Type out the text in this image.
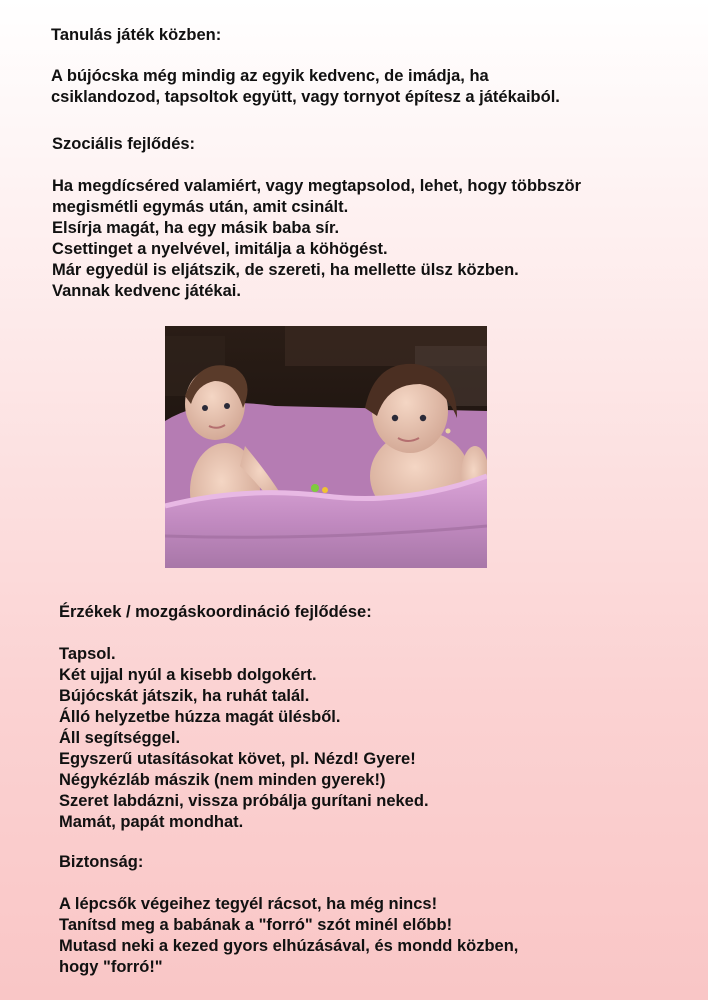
Tanulás játék közben:

A bújócska még mindig az egyik kedvenc, de imádja, ha

csiklandozod, tapsoltok együtt, vagy tornyot építesz a játékaiból.

Szociális fejlődés:

Ha megdícséred valamiért, vagy megtapsolod, lehet, hogy többször

megismétli egymás után, amit csinált.

Elsírja magát, ha egy másik baba sír.

Csettinget a nyelvével, imitálja a köhögést.

Már egyedül is eljátszik, de szereti, ha mellette ülsz közben.

Vannak kedvenc játékai.

Érzékek / mozgáskoordináció fejlődése:

Tapsol.

Két ujjal nyúl a kisebb dolgokért.

Bújócskát játszik, ha ruhát talál.

Álló helyzetbe húzza magát ülésből.

Áll segítséggel.

Egyszerű utasításokat követ, pl. Nézd! Gyere!

Négykézláb mászik (nem minden gyerek!)

Szeret labdázni, vissza próbálja gurítani neked.

Mamát, papát mondhat.

Biztonság:

A lépcsők végeihez tegyél rácsot, ha még nincs!

Tanítsd meg a babának a "forró" szót minél előbb!

Mutasd neki a kezed gyors elhúzásával, és mondd közben,

hogy "forró!"
